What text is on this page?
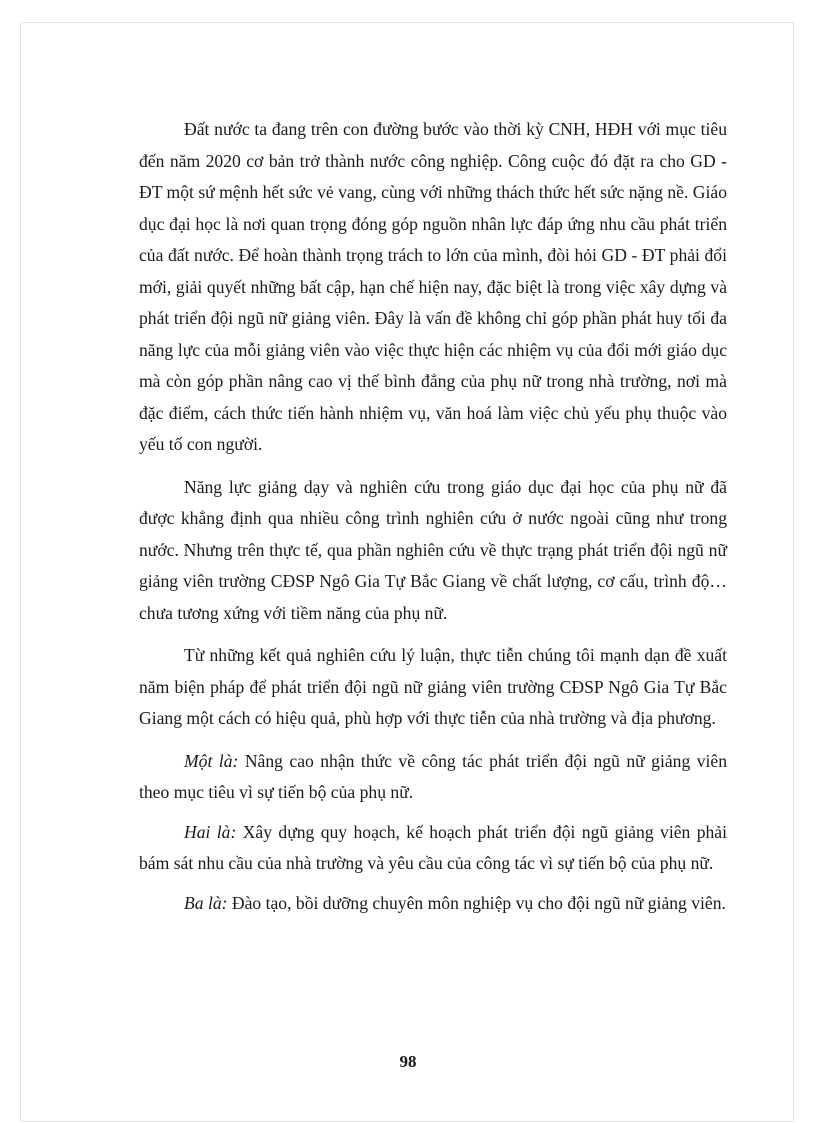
Đất nước ta đang trên con đường bước vào thời kỳ CNH, HĐH với mục tiêu đến năm 2020 cơ bản trở thành nước công nghiệp. Công cuộc đó đặt ra cho GD - ĐT một sứ mệnh hết sức vẻ vang, cùng với những thách thức hết sức nặng nề. Giáo dục đại học là nơi quan trọng đóng góp nguồn nhân lực đáp ứng nhu cầu phát triển của đất nước. Để hoàn thành trọng trách to lớn của mình, đòi hỏi GD - ĐT phải đổi mới, giải quyết những bất cập, hạn chế hiện nay, đặc biệt là trong việc xây dựng và phát triển đội ngũ nữ giảng viên. Đây là vấn đề không chỉ góp phần phát huy tối đa năng lực của mỗi giảng viên vào việc thực hiện các nhiệm vụ của đổi mới giáo dục mà còn góp phần nâng cao vị thế bình đẳng của phụ nữ trong nhà trường, nơi mà đặc điểm, cách thức tiến hành nhiệm vụ, văn hoá làm việc chủ yếu phụ thuộc vào yếu tố con người.

Năng lực giảng dạy và nghiên cứu trong giáo dục đại học của phụ nữ đã được khẳng định qua nhiều công trình nghiên cứu ở nước ngoài cũng như trong nước. Nhưng trên thực tế, qua phần nghiên cứu về thực trạng phát triển đội ngũ nữ giảng viên trường CĐSP Ngô Gia Tự Bắc Giang về chất lượng, cơ cấu, trình độ… chưa tương xứng với tiềm năng của phụ nữ.

Từ những kết quả nghiên cứu lý luận, thực tiễn chúng tôi mạnh dạn đề xuất năm biện pháp để phát triển đội ngũ nữ giảng viên trường CĐSP Ngô Gia Tự Bắc Giang một cách có hiệu quả, phù hợp với thực tiễn của nhà trường và địa phương.

Một là: Nâng cao nhận thức về công tác phát triển đội ngũ nữ giảng viên theo mục tiêu vì sự tiến bộ của phụ nữ.

Hai là: Xây dựng quy hoạch, kế hoạch phát triển đội ngũ giảng viên phải bám sát nhu cầu của nhà trường và yêu cầu của công tác vì sự tiến bộ của phụ nữ.

Ba là: Đào tạo, bồi dưỡng chuyên môn nghiệp vụ cho đội ngũ nữ giảng viên.

98
